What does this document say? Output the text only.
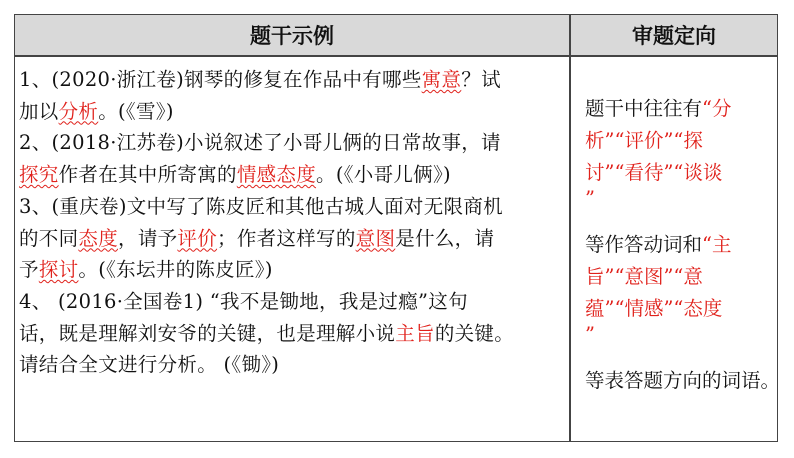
题干示例	审题定向
1、(2020·浙江卷)钢琴的修复在作品中有哪些寓意？试
加以分析。(《雪》)
2、(2018·江苏卷)小说叙述了小哥儿俩的日常故事，请
探究作者在其中所寄寓的情感态度。(《小哥儿俩》)
3、(重庆卷)文中写了陈皮匠和其他古城人面对无限商机
的不同态度，请予评价；作者这样写的意图是什么，请
予探讨。(《东坛井的陈皮匠》)
4、 (2016·全国卷1) “我不是锄地，我是过瘾”这句
话，既是理解刘安爷的关键，也是理解小说主旨的关键。
请结合全文进行分析。 (《锄》)
题干中往往有“分
析”“评价”“探
讨”“看待”“谈谈
”
等作答动词和“主
旨”“意图”“意
蕴”“情感”“态度
”
等表答题方向的词语。
